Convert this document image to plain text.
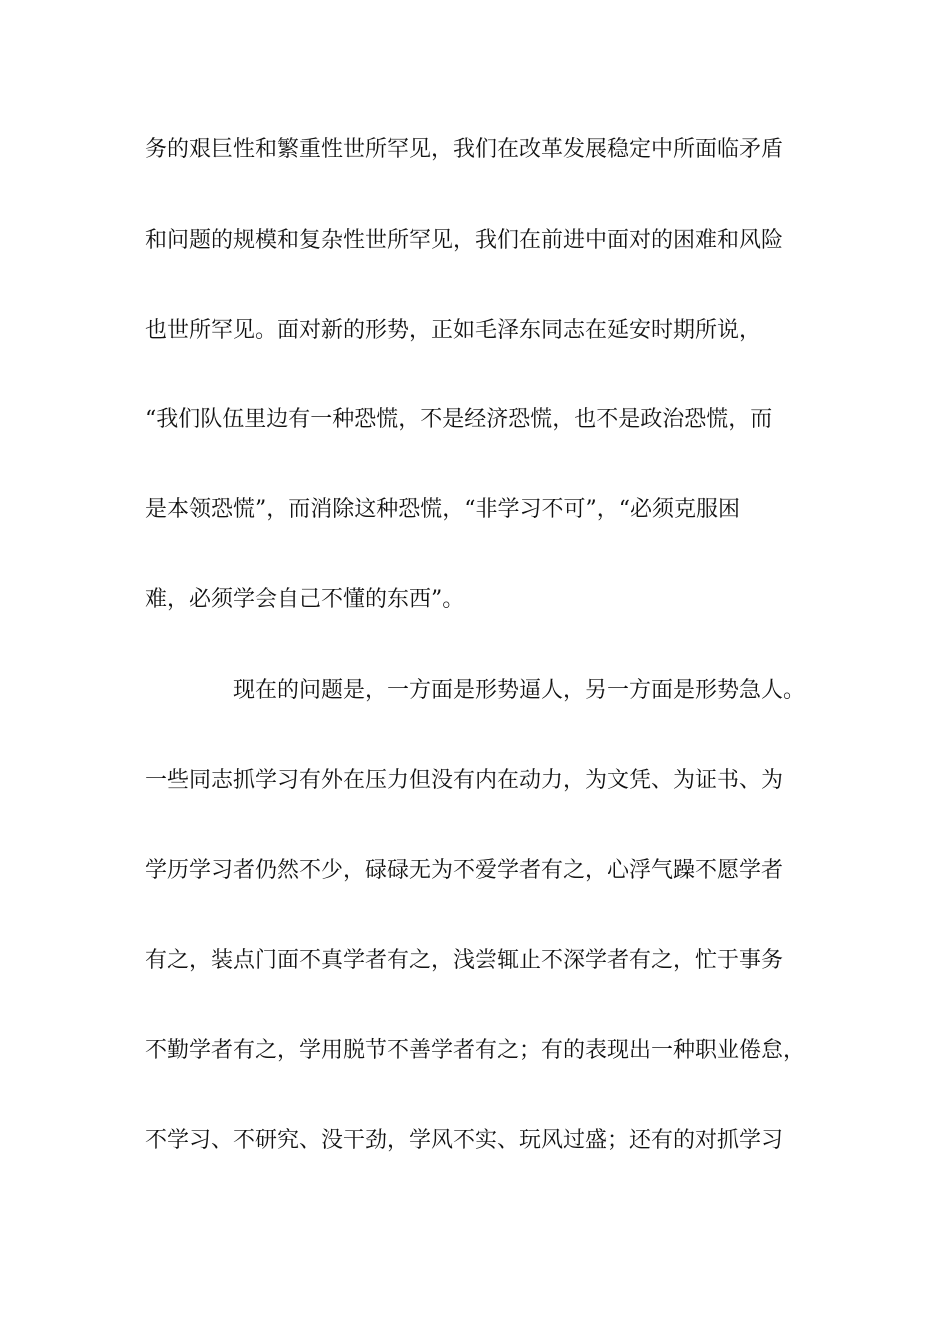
务的艰巨性和繁重性世所罕见，我们在改革发展稳定中所面临矛盾
和问题的规模和复杂性世所罕见，我们在前进中面对的困难和风险
也世所罕见。面对新的形势，正如毛泽东同志在延安时期所说，
“我们队伍里边有一种恐慌，不是经济恐慌，也不是政治恐慌，而
是本领恐慌”，而消除这种恐慌，“非学习不可”，“必须克服困
难，必须学会自己不懂的东西”。
现在的问题是，一方面是形势逼人，另一方面是形势急人。
一些同志抓学习有外在压力但没有内在动力，为文凭、为证书、为
学历学习者仍然不少，碌碌无为不爱学者有之，心浮气躁不愿学者
有之，装点门面不真学者有之，浅尝辄止不深学者有之，忙于事务
不勤学者有之，学用脱节不善学者有之；有的表现出一种职业倦怠，
不学习、不研究、没干劲，学风不实、玩风过盛；还有的对抓学习
